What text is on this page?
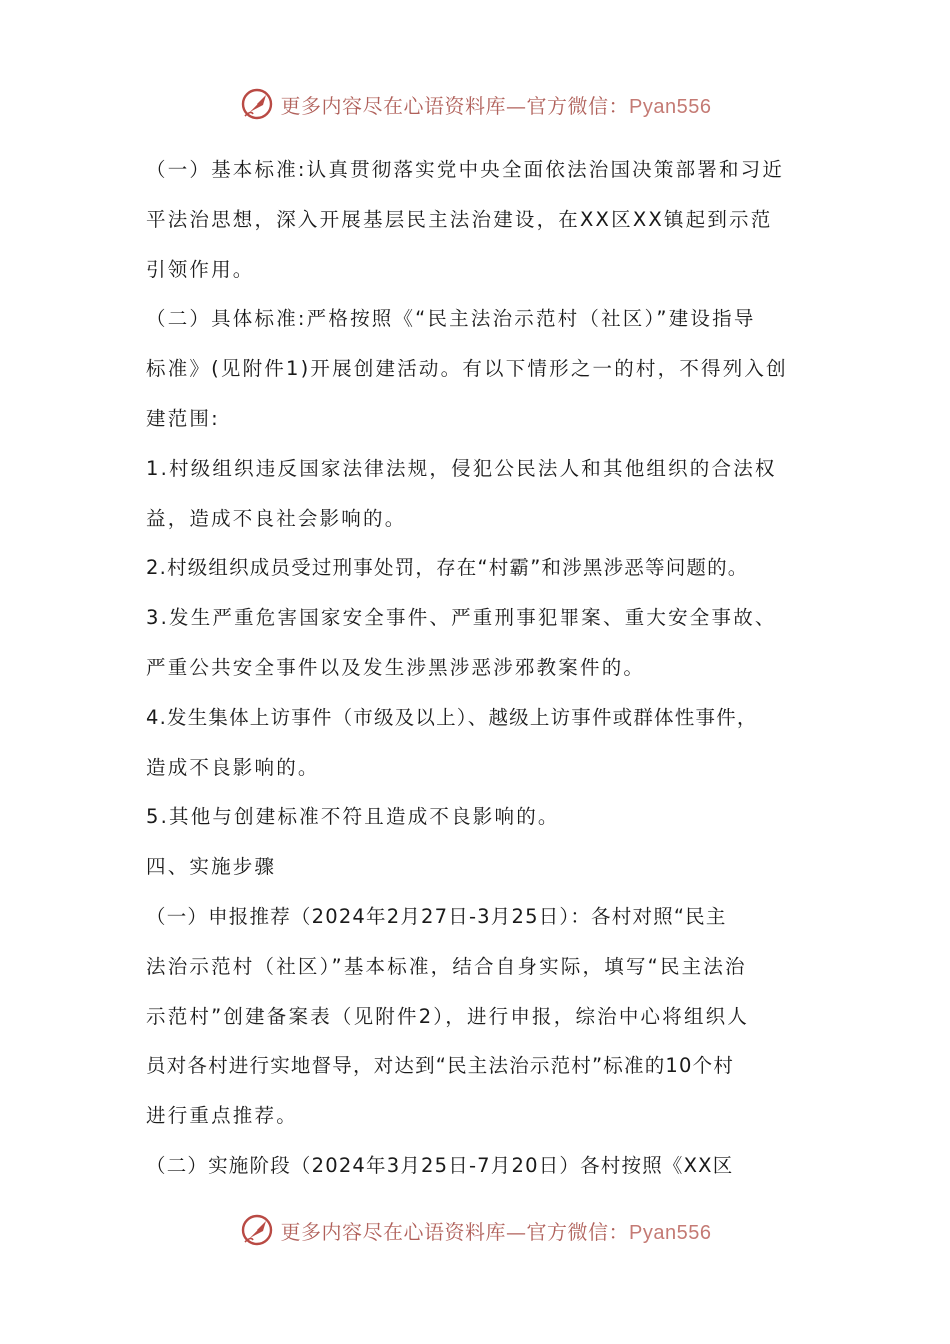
更多内容尽在心语资料库—官方微信：Pyan556
（一）基本标准:认真贯彻落实党中央全面依法治国决策部署和习近
平法治思想，深入开展基层民主法治建设，在XX区XX镇起到示范
引领作用。
（二）具体标准:严格按照《“民主法治示范村（社区）”建设指导
标准》(见附件1)开展创建活动。有以下情形之一的村，不得列入创
建范围:
1.村级组织违反国家法律法规，侵犯公民法人和其他组织的合法权
益，造成不良社会影响的。
2.村级组织成员受过刑事处罚，存在“村霸”和涉黑涉恶等问题的。
3.发生严重危害国家安全事件、严重刑事犯罪案、重大安全事故、
严重公共安全事件以及发生涉黑涉恶涉邪教案件的。
4.发生集体上访事件（市级及以上）、越级上访事件或群体性事件，
造成不良影响的。
5.其他与创建标准不符且造成不良影响的。
四、实施步骤
（一）申报推荐（2024年2月27日-3月25日）：各村对照“民主
法治示范村（社区）”基本标准，结合自身实际，填写“民主法治
示范村”创建备案表（见附件2），进行申报，综治中心将组织人
员对各村进行实地督导，对达到“民主法治示范村”标准的10个村
进行重点推荐。
（二）实施阶段（2024年3月25日-7月20日）各村按照《XX区
更多内容尽在心语资料库—官方微信：Pyan556
